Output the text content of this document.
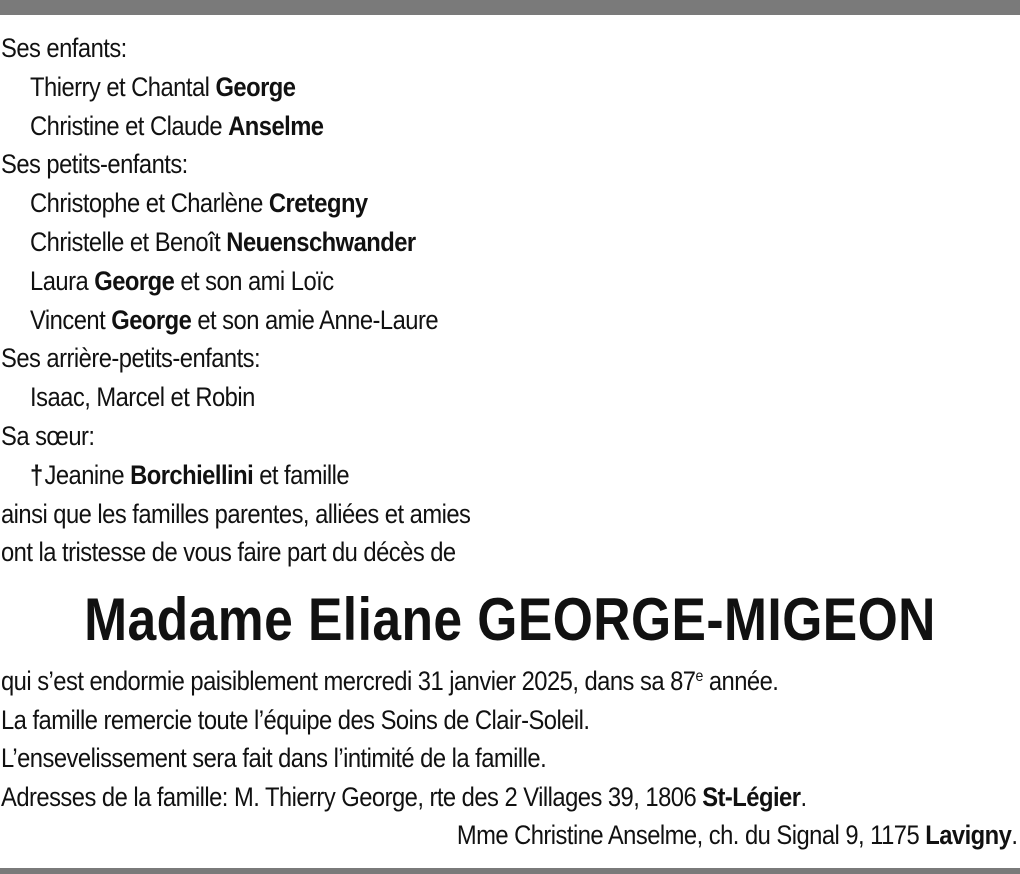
Ses enfants:
Thierry et Chantal George
Christine et Claude Anselme
Ses petits-enfants:
Christophe et Charlène Cretegny
Christelle et Benoît Neuenschwander
Laura George et son ami Loïc
Vincent George et son amie Anne-Laure
Ses arrière-petits-enfants:
Isaac, Marcel et Robin
Sa sœur:
†Jeanine Borchiellini et famille
ainsi que les familles parentes, alliées et amies
ont la tristesse de vous faire part du décès de
Madame Eliane GEORGE-MIGEON
qui s’est endormie paisiblement mercredi 31 janvier 2025, dans sa 87e année.
La famille remercie toute l’équipe des Soins de Clair-Soleil.
L’ensevelissement sera fait dans l’intimité de la famille.
Adresses de la famille: M. Thierry George, rte des 2 Villages 39, 1806 St-Légier.
Mme Christine Anselme, ch. du Signal 9, 1175 Lavigny.
